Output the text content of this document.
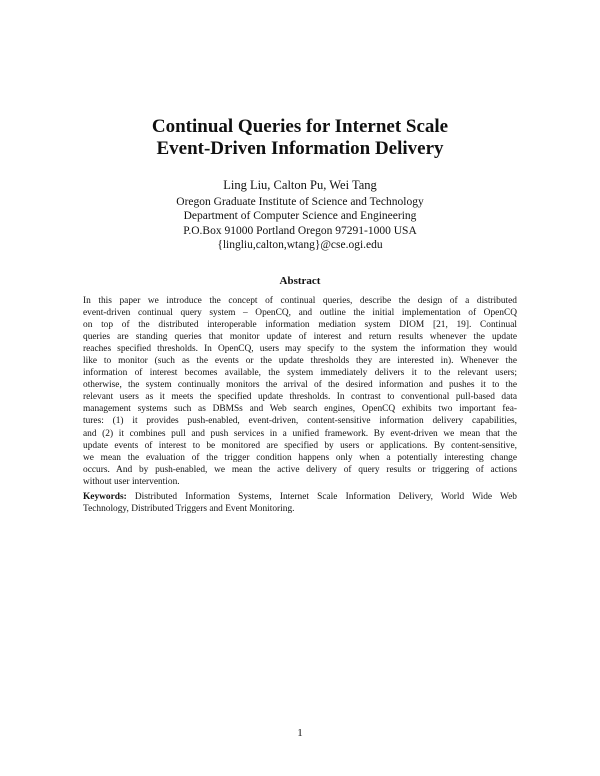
Continual Queries for Internet Scale
Event-Driven Information Delivery
Ling Liu, Calton Pu, Wei Tang
Oregon Graduate Institute of Science and Technology
Department of Computer Science and Engineering
P.O.Box 91000 Portland Oregon 97291-1000 USA
{lingliu,calton,wtang}@cse.ogi.edu
Abstract
In this paper we introduce the concept of continual queries, describe the design of a distributed
event-driven continual query system – OpenCQ, and outline the initial implementation of OpenCQ
on top of the distributed interoperable information mediation system DIOM [21, 19]. Continual
queries are standing queries that monitor update of interest and return results whenever the update
reaches specified thresholds. In OpenCQ, users may specify to the system the information they would
like to monitor (such as the events or the update thresholds they are interested in). Whenever the
information of interest becomes available, the system immediately delivers it to the relevant users;
otherwise, the system continually monitors the arrival of the desired information and pushes it to the
relevant users as it meets the specified update thresholds. In contrast to conventional pull-based data
management systems such as DBMSs and Web search engines, OpenCQ exhibits two important fea-
tures: (1) it provides push-enabled, event-driven, content-sensitive information delivery capabilities,
and (2) it combines pull and push services in a unified framework. By event-driven we mean that the
update events of interest to be monitored are specified by users or applications. By content-sensitive,
we mean the evaluation of the trigger condition happens only when a potentially interesting change
occurs. And by push-enabled, we mean the active delivery of query results or triggering of actions
without user intervention.
Keywords: Distributed Information Systems, Internet Scale Information Delivery, World Wide Web
Technology, Distributed Triggers and Event Monitoring.
1
